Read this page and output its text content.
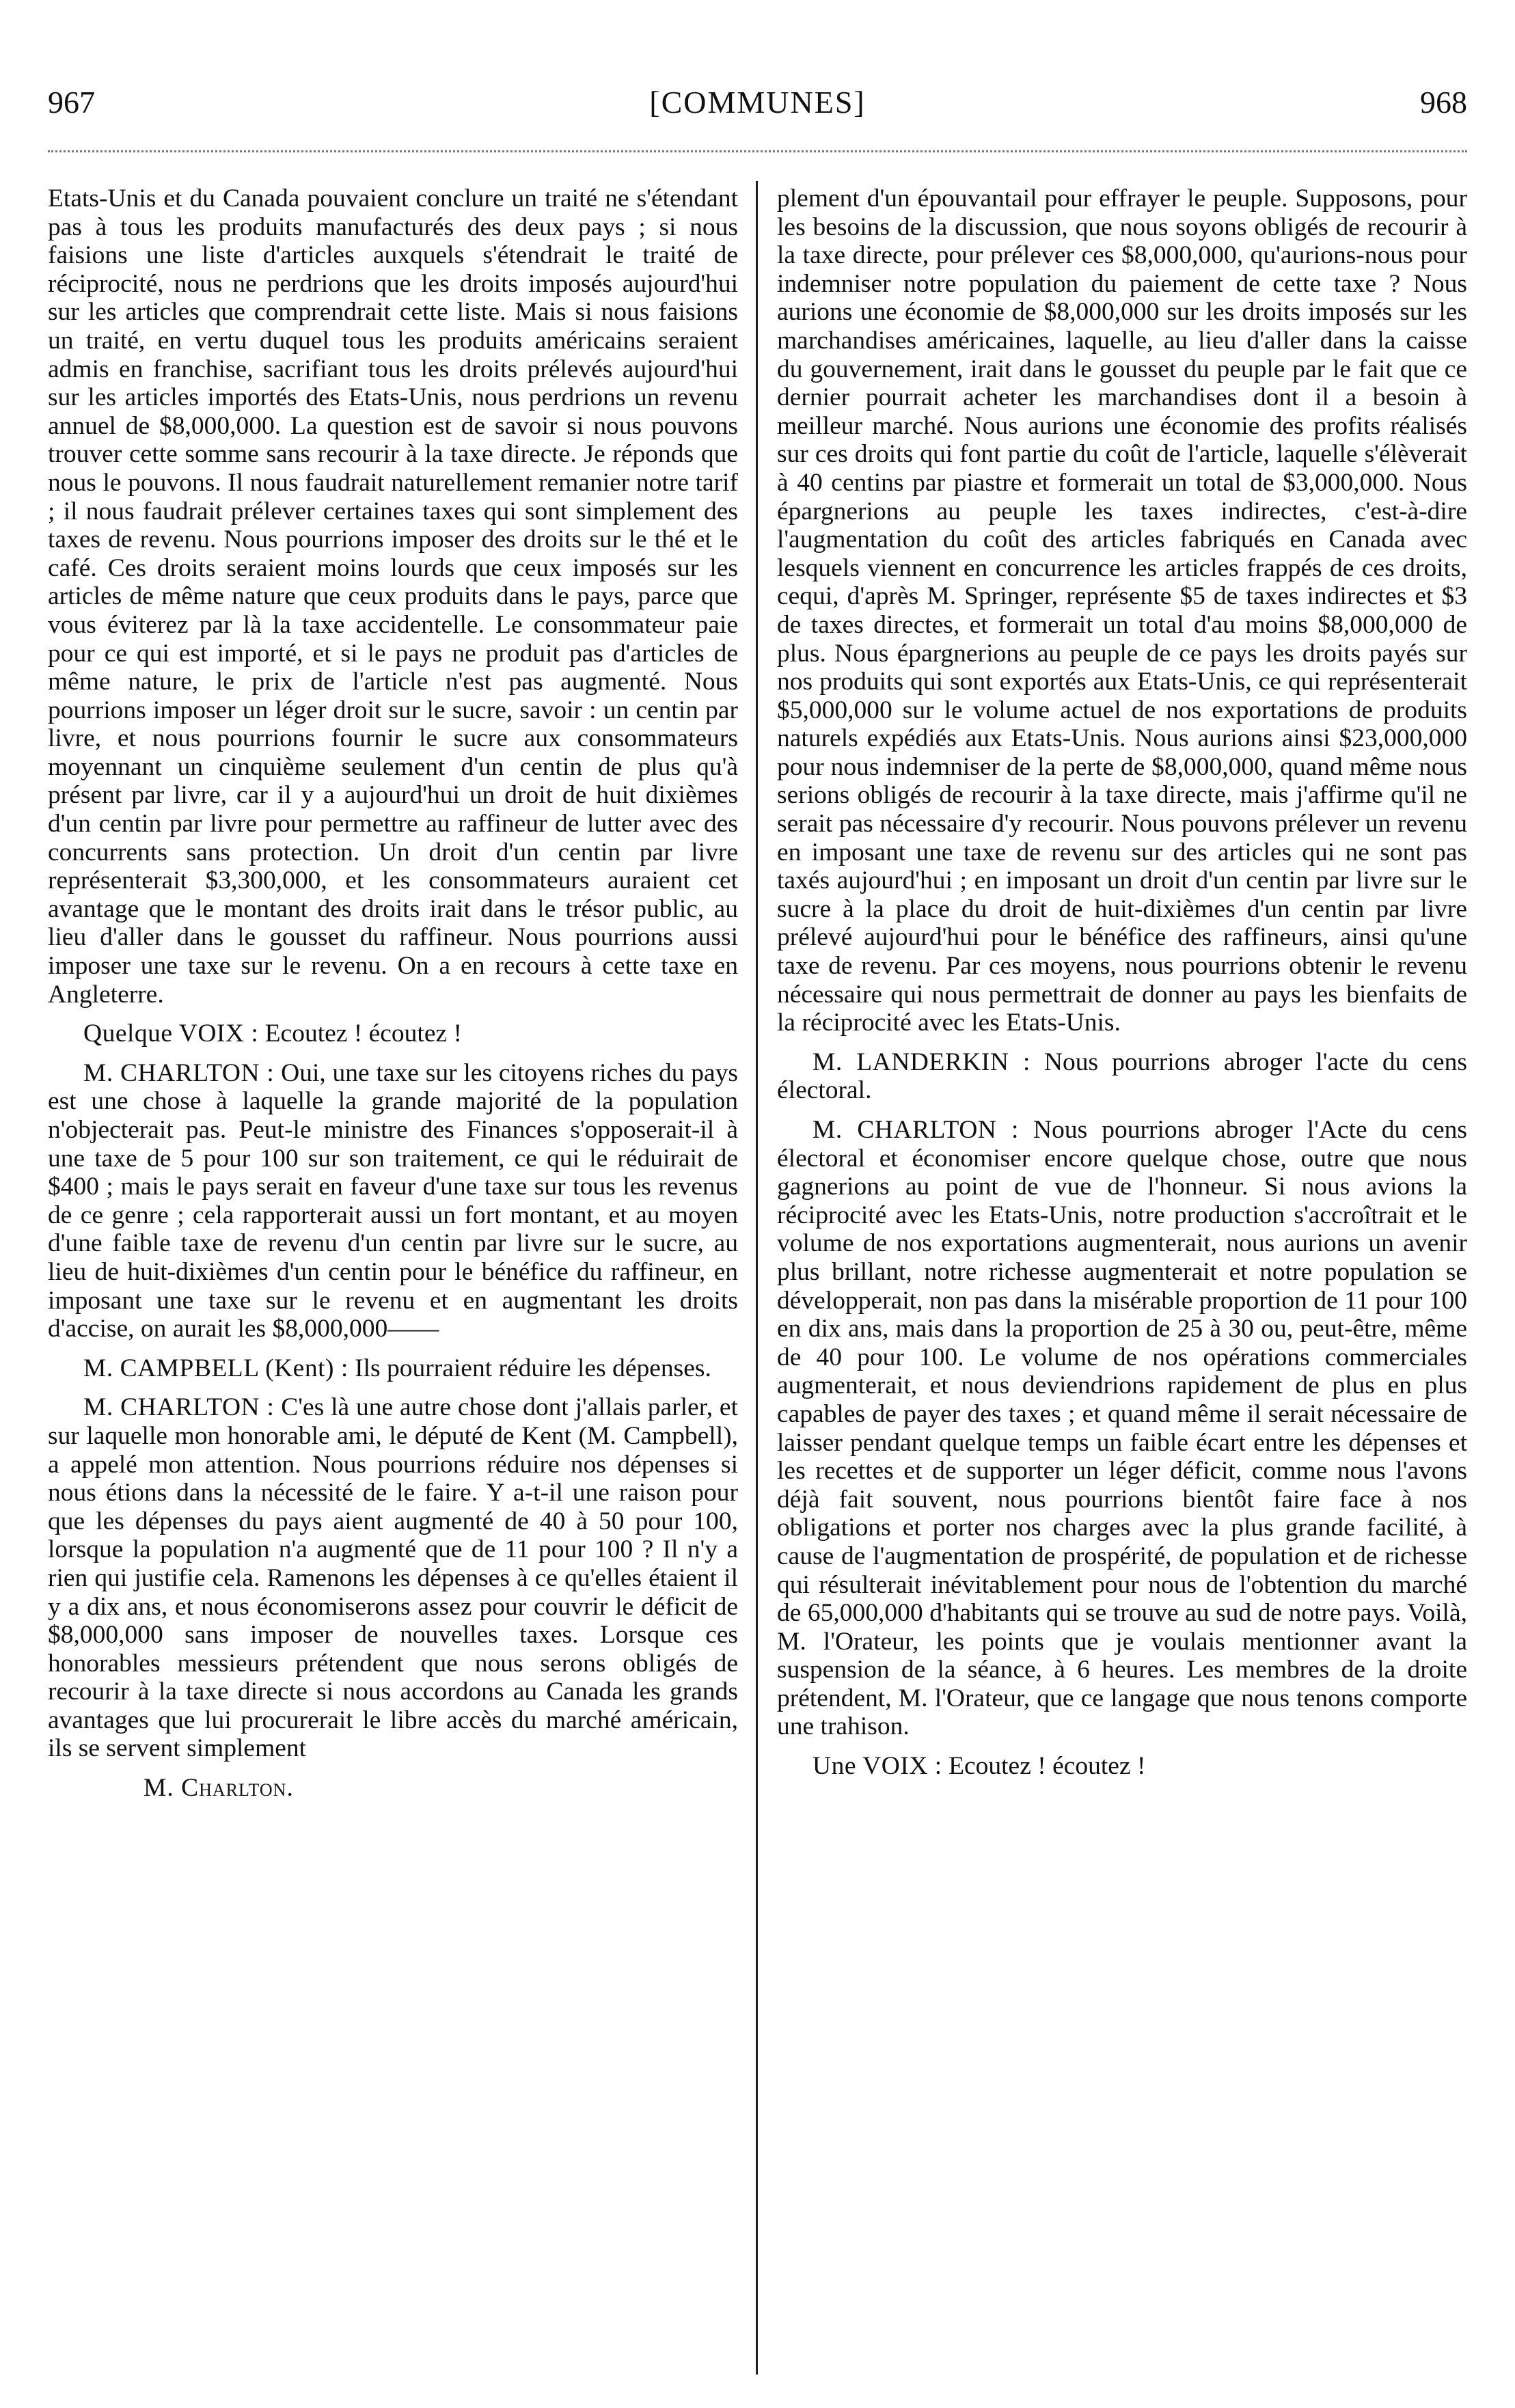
[COMMUNES]
967	968

Etats-Unis et du Canada pouvaient conclure un traité ne s'étendant pas à tous les produits manufacturés des deux pays ; si nous faisions une liste d'articles auxquels s'étendrait le traité de réciprocité, nous ne perdrions que les droits imposés aujourd'hui sur les articles que comprendrait cette liste. Mais si nous faisions un traité, en vertu duquel tous les produits américains seraient admis en franchise, sacrifiant tous les droits prélevés aujourd'hui sur les articles importés des Etats-Unis, nous perdrions un revenu annuel de $8,000,000. La question est de savoir si nous pouvons trouver cette somme sans recourir à la taxe directe. Je réponds que nous le pouvons. Il nous faudrait naturellement remanier notre tarif ; il nous faudrait prélever certaines taxes qui sont simplement des taxes de revenu. Nous pourrions imposer des droits sur le thé et le café. Ces droits seraient moins lourds que ceux imposés sur les articles de même nature que ceux produits dans le pays, parce que vous éviterez par là la taxe accidentelle. Le consommateur paie pour ce qui est importé, et si le pays ne produit pas d'articles de même nature, le prix de l'article n'est pas augmenté. Nous pourrions imposer un léger droit sur le sucre, savoir : un centin par livre, et nous pourrions fournir le sucre aux consommateurs moyennant un cinquième seulement d'un centin de plus qu'à présent par livre, car il y a aujourd'hui un droit de huit dixièmes d'un centin par livre pour permettre au raffineur de lutter avec des concurrents sans protection. Un droit d'un centin par livre représenterait $3,300,000, et les consommateurs auraient cet avantage que le montant des droits irait dans le trésor public, au lieu d'aller dans le gousset du raffineur. Nous pourrions aussi imposer une taxe sur le revenu. On a en recours à cette taxe en Angleterre.

Quelque VOIX : Ecoutez ! écoutez !

M. CHARLTON : Oui, une taxe sur les citoyens riches du pays est une chose à laquelle la grande majorité de la population n'objecterait pas. Peut-le ministre des Finances s'opposerait-il à une taxe de 5 pour 100 sur son traitement, ce qui le réduirait de $400 ; mais le pays serait en faveur d'une taxe sur tous les revenus de ce genre ; cela rapporterait aussi un fort montant, et au moyen d'une faible taxe de revenu d'un centin par livre sur le sucre, au lieu de huit-dixièmes d'un centin pour le bénéfice du raffineur, en imposant une taxe sur le revenu et en augmentant les droits d'accise, on aurait les $8,000,000——

M. CAMPBELL (Kent) : Ils pourraient réduire les dépenses.

M. CHARLTON : C'es là une autre chose dont j'allais parler, et sur laquelle mon honorable ami, le député de Kent (M. Campbell), a appelé mon attention. Nous pourrions réduire nos dépenses si nous étions dans la nécessité de le faire. Y a-t-il une raison pour que les dépenses du pays aient augmenté de 40 à 50 pour 100, lorsque la population n'a augmenté que de 11 pour 100 ? Il n'y a rien qui justifie cela. Ramenons les dépenses à ce qu'elles étaient il y a dix ans, et nous économiserons assez pour couvrir le déficit de $8,000,000 sans imposer de nouvelles taxes. Lorsque ces honorables messieurs prétendent que nous serons obligés de recourir à la taxe directe si nous accordons au Canada les grands avantages que lui procurerait le libre accès du marché américain, ils se servent simplement

M. Charlton.

plement d'un épouvantail pour effrayer le peuple. Supposons, pour les besoins de la discussion, que nous soyons obligés de recourir à la taxe directe, pour prélever ces $8,000,000, qu'aurions-nous pour indemniser notre population du paiement de cette taxe ? Nous aurions une économie de $8,000,000 sur les droits imposés sur les marchandises américaines, laquelle, au lieu d'aller dans la caisse du gouvernement, irait dans le gousset du peuple par le fait que ce dernier pourrait acheter les marchandises dont il a besoin à meilleur marché. Nous aurions une économie des profits réalisés sur ces droits qui font partie du coût de l'article, laquelle s'élèverait à 40 centins par piastre et formerait un total de $3,000,000. Nous épargnerions au peuple les taxes indirectes, c'est-à-dire l'augmentation du coût des articles fabriqués en Canada avec lesquels viennent en concurrence les articles frappés de ces droits, cequi, d'après M. Springer, représente $5 de taxes indirectes et $3 de taxes directes, et formerait un total d'au moins $8,000,000 de plus. Nous épargnerions au peuple de ce pays les droits payés sur nos produits qui sont exportés aux Etats-Unis, ce qui représenterait $5,000,000 sur le volume actuel de nos exportations de produits naturels expédiés aux Etats-Unis. Nous aurions ainsi $23,000,000 pour nous indemniser de la perte de $8,000,000, quand même nous serions obligés de recourir à la taxe directe, mais j'affirme qu'il ne serait pas nécessaire d'y recourir. Nous pouvons prélever un revenu en imposant une taxe de revenu sur des articles qui ne sont pas taxés aujourd'hui ; en imposant un droit d'un centin par livre sur le sucre à la place du droit de huit-dixièmes d'un centin par livre prélevé aujourd'hui pour le bénéfice des raffineurs, ainsi qu'une taxe de revenu. Par ces moyens, nous pourrions obtenir le revenu nécessaire qui nous permettrait de donner au pays les bienfaits de la réciprocité avec les Etats-Unis.

M. LANDERKIN : Nous pourrions abroger l'acte du cens électoral.

M. CHARLTON : Nous pourrions abroger l'Acte du cens électoral et économiser encore quelque chose, outre que nous gagnerions au point de vue de l'honneur. Si nous avions la réciprocité avec les Etats-Unis, notre production s'accroîtrait et le volume de nos exportations augmenterait, nous aurions un avenir plus brillant, notre richesse augmenterait et notre population se développerait, non pas dans la misérable proportion de 11 pour 100 en dix ans, mais dans la proportion de 25 à 30 ou, peut-être, même de 40 pour 100. Le volume de nos opérations commerciales augmenterait, et nous deviendrions rapidement de plus en plus capables de payer des taxes ; et quand même il serait nécessaire de laisser pendant quelque temps un faible écart entre les dépenses et les recettes et de supporter un léger déficit, comme nous l'avons déjà fait souvent, nous pourrions bientôt faire face à nos obligations et porter nos charges avec la plus grande facilité, à cause de l'augmentation de prospérité, de population et de richesse qui résulterait inévitablement pour nous de l'obtention du marché de 65,000,000 d'habitants qui se trouve au sud de notre pays. Voilà, M. l'Orateur, les points que je voulais mentionner avant la suspension de la séance, à 6 heures. Les membres de la droite prétendent, M. l'Orateur, que ce langage que nous tenons comporte une trahison.

Une VOIX : Ecoutez ! écoutez !
